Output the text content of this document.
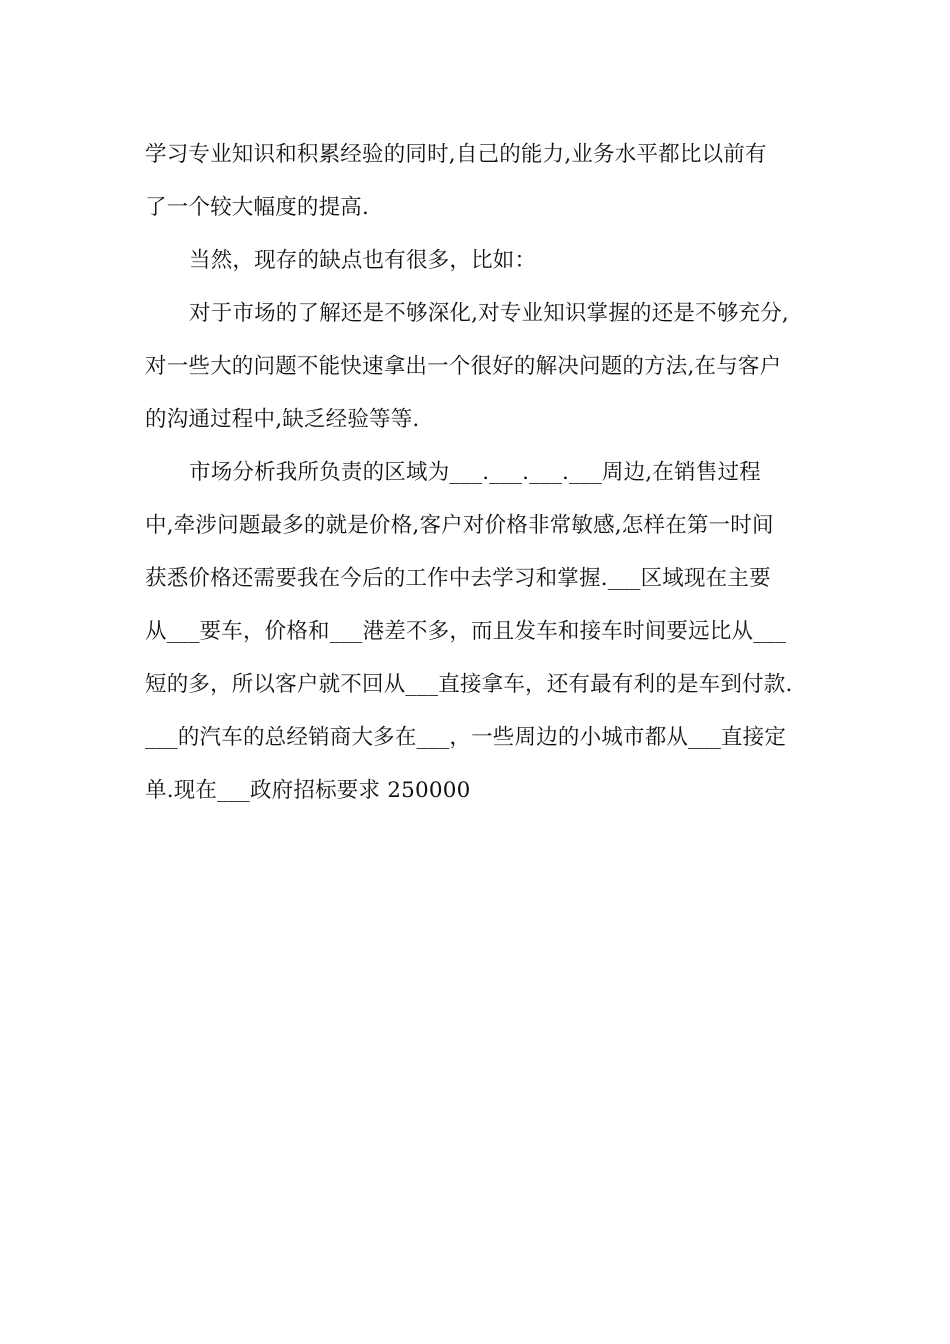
学习专业知识和积累经验的同时,自己的能力,业务水平都比以前有
了一个较大幅度的提高.
当然，现存的缺点也有很多，比如：
对于市场的了解还是不够深化,对专业知识掌握的还是不够充分,
对一些大的问题不能快速拿出一个很好的解决问题的方法,在与客户
的沟通过程中,缺乏经验等等.
市场分析我所负责的区域为___.___.___.___周边,在销售过程
中,牵涉问题最多的就是价格,客户对价格非常敏感,怎样在第一时间
获悉价格还需要我在今后的工作中去学习和掌握.___区域现在主要
从___要车，价格和___港差不多，而且发车和接车时间要远比从___
短的多，所以客户就不回从___直接拿车，还有最有利的是车到付款.
___的汽车的总经销商大多在___，一些周边的小城市都从___直接定
单.现在___政府招标要求 250000
